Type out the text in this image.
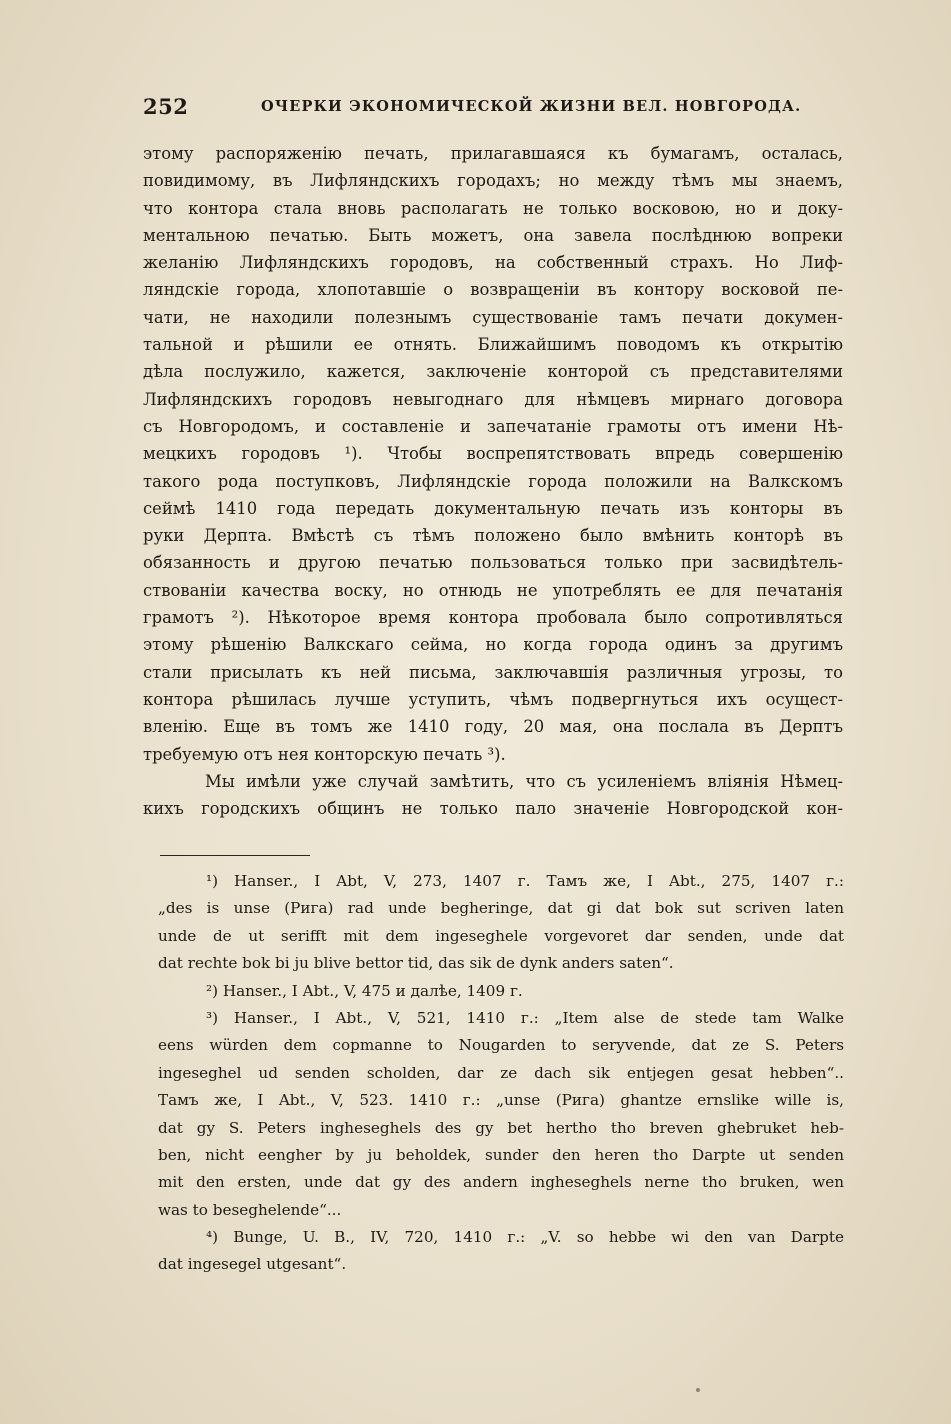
252	ОЧЕРКИ ЭКОНОМИЧЕСКОЙ ЖИЗНИ ВЕЛ. НОВГОРОДА.
этому распоряженію печать, прилагавшаяся къ бумагамъ, осталась,
повидимому, въ Лифляндскихъ городахъ; но между тѣмъ мы знаемъ,
что контора стала вновь располагать не только восковою, но и доку-
ментальною печатью. Быть можетъ, она завела послѣднюю вопреки
желанію Лифляндскихъ городовъ, на собственный страхъ. Но Лиф-
ляндскіе города, хлопотавшіе о возвращеніи въ контору восковой пе-
чати, не находили полезнымъ существованіе тамъ печати докумен-
тальной и рѣшили ее отнять. Ближайшимъ поводомъ къ открытію
дѣла послужило, кажется, заключеніе конторой съ представителями
Лифляндскихъ городовъ невыгоднаго для нѣмцевъ мирнаго договора
съ Новгородомъ, и составленіе и запечатаніе грамоты отъ имени Нѣ-
мецкихъ городовъ ¹). Чтобы воспрепятствовать впредь совершенію
такого рода поступковъ, Лифляндскіе города положили на Валкскомъ
сеймѣ 1410 года передать документальную печать изъ конторы въ
руки Дерпта. Вмѣстѣ съ тѣмъ положено было вмѣнить конторѣ въ
обязанность и другою печатью пользоваться только при засвидѣтель-
ствованіи качества воску, но отнюдь не употреблять ее для печатанія
грамотъ ²). Нѣкоторое время контора пробовала было сопротивляться
этому рѣшенію Валкскаго сейма, но когда города одинъ за другимъ
стали присылать къ ней письма, заключавшія различныя угрозы, то
контора рѣшилась лучше уступить, чѣмъ подвергнуться ихъ осущест-
вленію. Еще въ томъ же 1410 году, 20 мая, она послала въ Дерптъ
требуемую отъ нея конторскую печать ³).
Мы имѣли уже случай замѣтить, что съ усиленіемъ вліянія Нѣмец-
кихъ городскихъ общинъ не только пало значеніе Новгородской кон-
¹) Hanser., I Abt, V, 273, 1407 г. Тамъ же, I Abt., 275, 1407 г.:
„des is unse (Рига) rad unde begheringe, dat gi dat bok sut scriven laten
unde de ut serifft mit dem ingeseghele vorgevoret dar senden, unde dat
dat rechte bok bi ju blive bettor tid, das sik de dynk anders saten“.
²) Hanser., I Abt., V, 475 и далѣе, 1409 г.
³) Hanser., I Abt., V, 521, 1410 г.: „Item alse de stede tam Walke
eens würden dem copmanne to Nougarden to seryvende, dat ze S. Peters
ingeseghel ud senden scholden, dar ze dach sik entjegen gesat hebben“..
Тамъ же, I Abt., V, 523. 1410 г.: „unse (Рига) ghantze ernslike wille is,
dat gy S. Peters ingheseghels des gy bet hertho tho breven ghebruket heb-
ben, nicht eengher by ju beholdek, sunder den heren tho Darpte ut senden
mit den ersten, unde dat gy des andern ingheseghels nerne tho bruken, wen
was to beseghelende“...
⁴) Bunge, U. B., IV, 720, 1410 г.: „V. so hebbe wi den van Darpte
dat ingesegel utgesant“.
